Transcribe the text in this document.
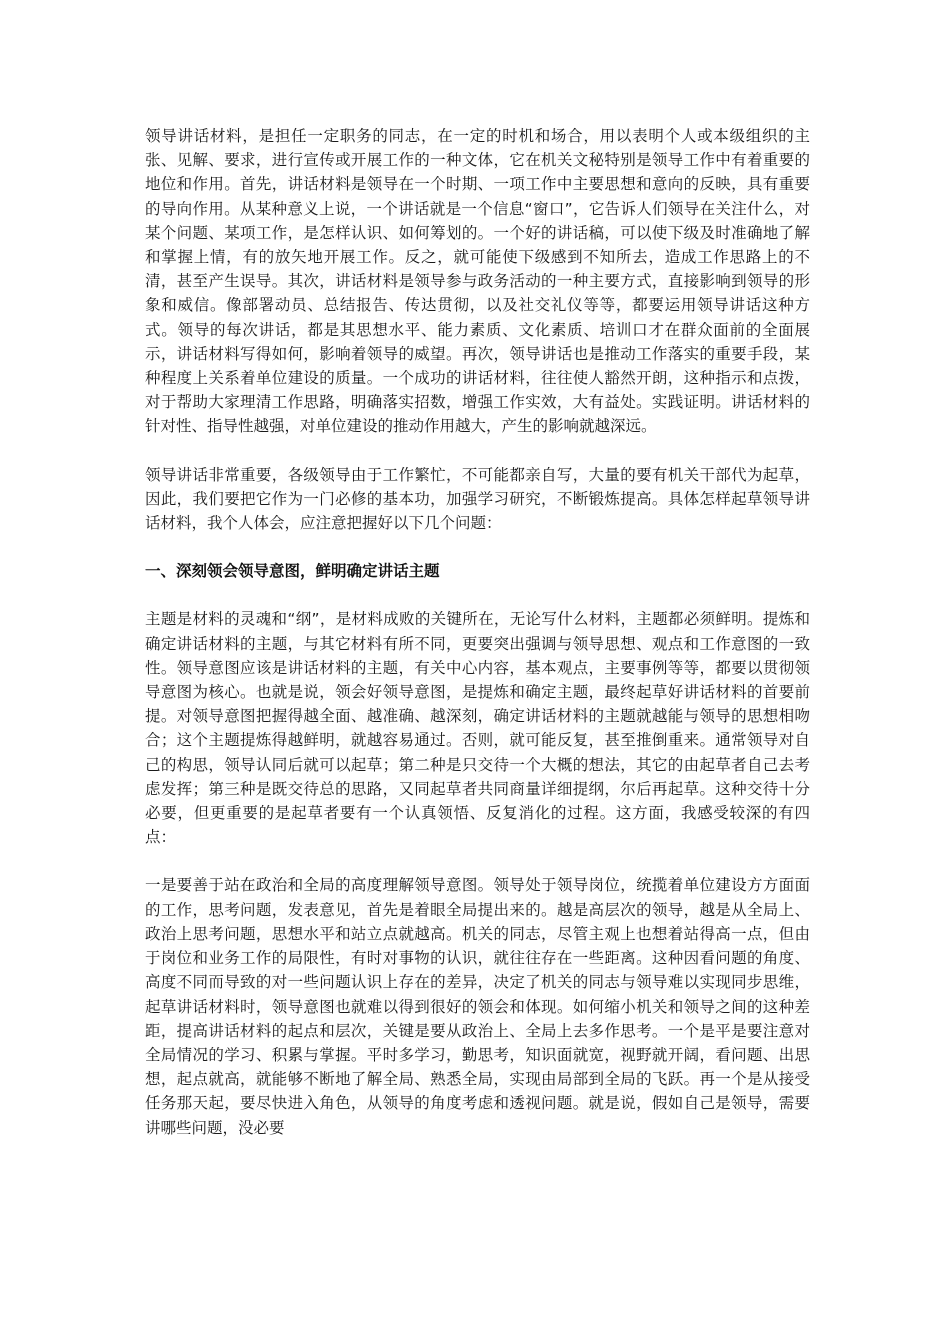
领导讲话材料，是担任一定职务的同志，在一定的时机和场合，用以表明个人或本级组织的主张、见解、要求，进行宣传或开展工作的一种文体，它在机关文秘特别是领导工作中有着重要的地位和作用。首先，讲话材料是领导在一个时期、一项工作中主要思想和意向的反映，具有重要的导向作用。从某种意义上说，一个讲话就是一个信息“窗口”，它告诉人们领导在关注什么，对某个问题、某项工作，是怎样认识、如何筹划的。一个好的讲话稿，可以使下级及时准确地了解和掌握上情，有的放矢地开展工作。反之，就可能使下级感到不知所去，造成工作思路上的不清，甚至产生误导。其次，讲话材料是领导参与政务活动的一种主要方式，直接影响到领导的形象和威信。像部署动员、总结报告、传达贯彻，以及社交礼仪等等，都要运用领导讲话这种方式。领导的每次讲话，都是其思想水平、能力素质、文化素质、培训口才在群众面前的全面展示，讲话材料写得如何，影响着领导的威望。再次，领导讲话也是推动工作落实的重要手段，某种程度上关系着单位建设的质量。一个成功的讲话材料，往往使人豁然开朗，这种指示和点拨，对于帮助大家理清工作思路，明确落实招数，增强工作实效，大有益处。实践证明。讲话材料的针对性、指导性越强，对单位建设的推动作用越大，产生的影响就越深远。

领导讲话非常重要，各级领导由于工作繁忙，不可能都亲自写，大量的要有机关干部代为起草，因此，我们要把它作为一门必修的基本功，加强学习研究，不断锻炼提高。具体怎样起草领导讲话材料，我个人体会，应注意把握好以下几个问题：

一、深刻领会领导意图，鲜明确定讲话主题

主题是材料的灵魂和“纲”，是材料成败的关键所在，无论写什么材料，主题都必须鲜明。提炼和确定讲话材料的主题，与其它材料有所不同，更要突出强调与领导思想、观点和工作意图的一致性。领导意图应该是讲话材料的主题，有关中心内容，基本观点，主要事例等等，都要以贯彻领导意图为核心。也就是说，领会好领导意图，是提炼和确定主题，最终起草好讲话材料的首要前提。对领导意图把握得越全面、越准确、越深刻，确定讲话材料的主题就越能与领导的思想相吻合；这个主题提炼得越鲜明，就越容易通过。否则，就可能反复，甚至推倒重来。通常领导对自己的构思，领导认同后就可以起草；第二种是只交待一个大概的想法，其它的由起草者自己去考虑发挥；第三种是既交待总的思路，又同起草者共同商量详细提纲，尔后再起草。这种交待十分必要，但更重要的是起草者要有一个认真领悟、反复消化的过程。这方面，我感受较深的有四点：

一是要善于站在政治和全局的高度理解领导意图。领导处于领导岗位，统揽着单位建设方方面面的工作，思考问题，发表意见，首先是着眼全局提出来的。越是高层次的领导，越是从全局上、政治上思考问题，思想水平和站立点就越高。机关的同志，尽管主观上也想着站得高一点，但由于岗位和业务工作的局限性，有时对事物的认识，就往往存在一些距离。这种因看问题的角度、高度不同而导致的对一些问题认识上存在的差异，决定了机关的同志与领导难以实现同步思维，起草讲话材料时，领导意图也就难以得到很好的领会和体现。如何缩小机关和领导之间的这种差距，提高讲话材料的起点和层次，关键是要从政治上、全局上去多作思考。一个是平是要注意对全局情况的学习、积累与掌握。平时多学习，勤思考，知识面就宽，视野就开阔，看问题、出思想，起点就高，就能够不断地了解全局、熟悉全局，实现由局部到全局的飞跃。再一个是从接受任务那天起，要尽快进入角色，从领导的角度考虑和透视问题。就是说，假如自己是领导，需要讲哪些问题，没必要
